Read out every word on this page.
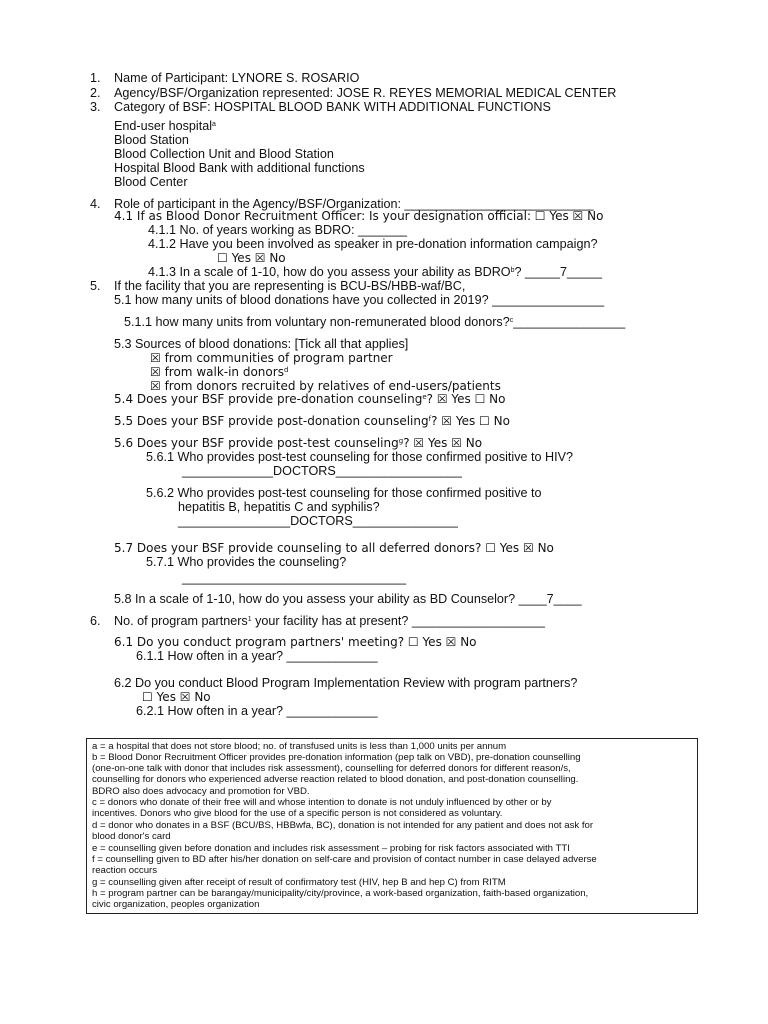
1. Name of Participant: LYNORE S. ROSARIO
2. Agency/BSF/Organization represented: JOSE R. REYES MEMORIAL MEDICAL CENTER
3. Category of BSF: HOSPITAL BLOOD BANK WITH ADDITIONAL FUNCTIONS
End-user hospital$^a$
Blood Station
Blood Collection Unit and Blood Station
Hospital Blood Bank with additional functions
Blood Center
4. Role of participant in the Agency/BSF/Organization: ___________________________
4.1 If as Blood Donor Recruitment Officer: Is your designation official: ☐ Yes ☒ No
4.1.1 No. of years working as BDRO: _______
4.1.2 Have you been involved as speaker in pre-donation information campaign?
☐ Yes ☒ No
4.1.3 In a scale of 1-10, how do you assess your ability as BDRO$^b$? _____7_____
5. If the facility that you are representing is BCU-BS/HBB-waf/BC,
5.1 how many units of blood donations have you collected in 2019? ________________
5.1.1 how many units from voluntary non-remunerated blood donors?$^c$________________
5.3 Sources of blood donations: [Tick all that applies]
☒ from communities of program partner
☒ from walk-in donors$^d$
☒ from donors recruited by relatives of end-users/patients
5.4 Does your BSF provide pre-donation counseling$^e$? ☒ Yes ☐ No
5.5 Does your BSF provide post-donation counseling$^f$? ☒ Yes ☐ No
5.6 Does your BSF provide post-test counseling$^g$? ☒ Yes ☒ No
5.6.1 Who provides post-test counseling for those confirmed positive to HIV?
_____________DOCTORS__________________
5.6.2 Who provides post-test counseling for those confirmed positive to
hepatitis B, hepatitis C and syphilis?
________________DOCTORS_______________
5.7 Does your BSF provide counseling to all deferred donors? ☐ Yes ☒ No
5.7.1 Who provides the counseling?
________________________________
5.8 In a scale of 1-10, how do you assess your ability as BD Counselor? ____7____
6. No. of program partners$^1$ your facility has at present? ___________________
6.1 Do you conduct program partners' meeting? ☐ Yes ☒ No
6.1.1 How often in a year? _____________
6.2 Do you conduct Blood Program Implementation Review with program partners?
☐ Yes ☒ No
6.2.1 How often in a year? _____________
a = a hospital that does not store blood; no. of transfused units is less than 1,000 units per annum
b = Blood Donor Recruitment Officer provides pre-donation information (pep talk on VBD), pre-donation counselling
(one-on-one talk with donor that includes risk assessment), counselling for deferred donors for different reason/s,
counselling for donors who experienced adverse reaction related to blood donation, and post-donation counselling.
BDRO also does advocacy and promotion for VBD.
c = donors who donate of their free will and whose intention to donate is not unduly influenced by other or by
incentives. Donors who give blood for the use of a specific person is not considered as voluntary.
d = donor who donates in a BSF (BCU/BS, HBBwfa, BC), donation is not intended for any patient and does not ask for
blood donor's card
e = counselling given before donation and includes risk assessment – probing for risk factors associated with TTI
f = counselling given to BD after his/her donation on self-care and provision of contact number in case delayed adverse
reaction occurs
g = counselling given after receipt of result of confirmatory test (HIV, hep B and hep C) from RITM
h = program partner can be barangay/municipality/city/province, a work-based organization, faith-based organization,
civic organization, peoples organization
